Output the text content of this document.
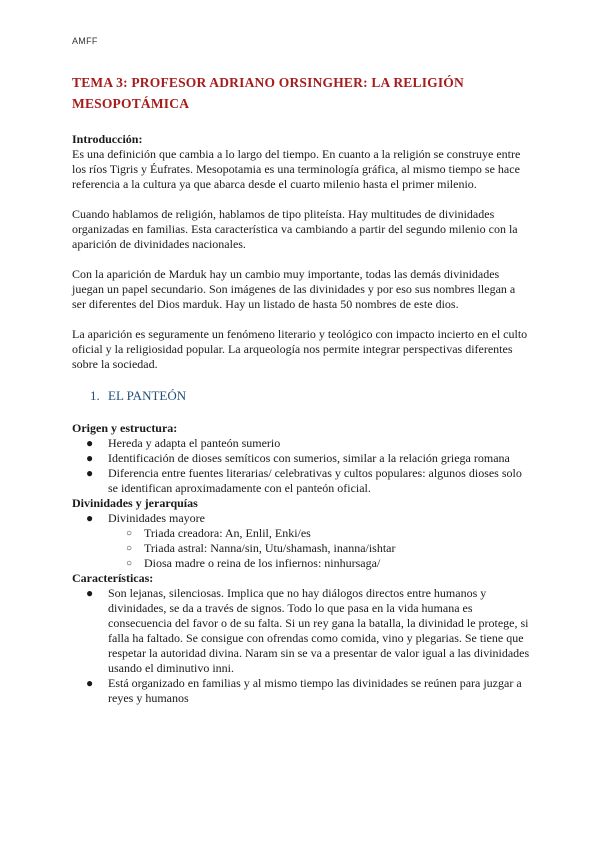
AMFF
TEMA 3: PROFESOR ADRIANO ORSINGHER: LA RELIGIÓN MESOPOTÁMICA
Introducción:

Es una definición que cambia a lo largo del tiempo. En cuanto a la religión se construye entre los ríos Tigris y Éufrates. Mesopotamia es una terminología gráfica, al mismo tiempo se hace referencia a la cultura ya que abarca desde el cuarto milenio hasta el primer milenio.

Cuando hablamos de religión, hablamos de tipo pliteísta. Hay multitudes de divinidades organizadas en familias. Esta característica va cambiando a partir del segundo milenio con la aparición de divinidades nacionales.

Con la aparición de Marduk hay un cambio muy importante, todas las demás divinidades juegan un papel secundario. Son imágenes de las divinidades y por eso sus nombres llegan a ser diferentes del Dios marduk. Hay un listado de hasta 50 nombres de este dios.

La aparición es seguramente un fenómeno literario y teológico con impacto incierto en el culto oficial y la religiosidad popular. La arqueología nos permite integrar perspectivas diferentes sobre la sociedad.

1. EL PANTEÓN
Origen y estructura:
● Hereda y adapta el panteón sumerio
● Identificación de dioses semíticos con sumerios, similar a la relación griega romana
● Diferencia entre fuentes literarias/ celebrativas y cultos populares: algunos dioses solo se identifican aproximadamente con el panteón oficial.
Divinidades y jerarquías
● Divinidades mayore
○ Triada creadora: An, Enlil, Enki/es
○ Triada astral: Nanna/sin, Utu/shamash, inanna/ishtar
○ Diosa madre o reina de los infiernos: ninhursaga/
Características:
● Son lejanas, silenciosas. Implica que no hay diálogos directos entre humanos y divinidades, se da a través de signos. Todo lo que pasa en la vida humana es consecuencia del favor o de su falta. Si un rey gana la batalla, la divinidad le protege, si falla ha faltado. Se consigue con ofrendas como comida, vino y plegarias. Se tiene que respetar la autoridad divina. Naram sin se va a presentar de valor igual a las divinidades usando el diminutivo inni.
● Está organizado en familias y al mismo tiempo las divinidades se reúnen para juzgar a reyes y humanos
